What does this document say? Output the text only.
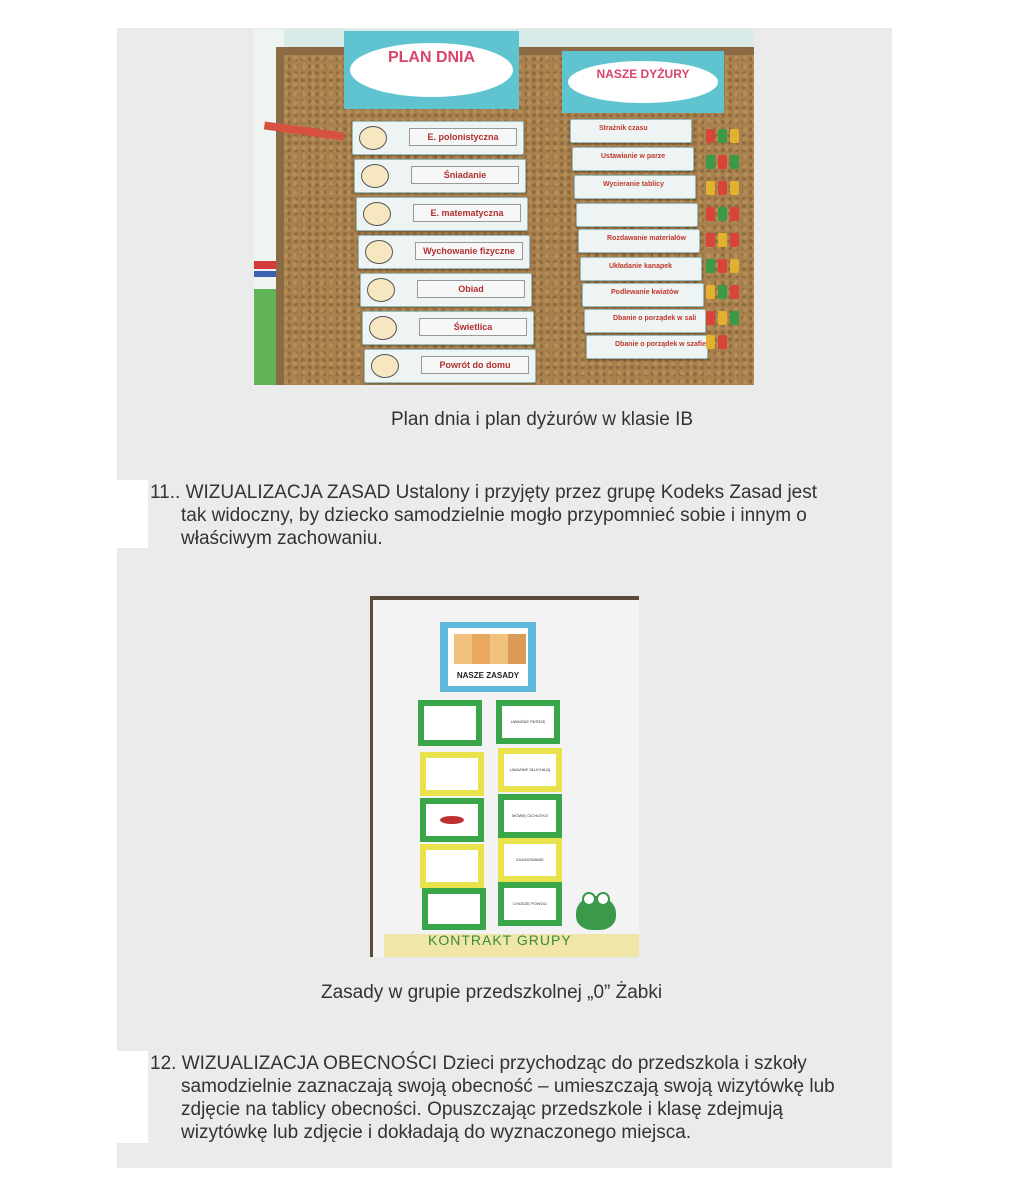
PLAN DNIA
NASZE DYŻURY
E. polonistyczna
Śniadanie
E. matematyczna
Wychowanie fizyczne
Obiad
Świetlica
Powrót do domu
Strażnik czasu
Ustawianie w parze
Wycieranie tablicy
Rozdawanie materiałów
Układanie kanapek
Podlewanie kwiatów
Dbanie o porządek w sali
Dbanie o porządek w szafie
Plan dnia i plan dyżurów w klasie IB
11.. WIZUALIZACJA ZASAD Ustalony i przyjęty przez grupę Kodeks Zasad jest
tak widoczny, by dziecko samodzielnie mogło przypomnieć sobie i innym o
właściwym zachowaniu.
NASZE ZASADY
UWAŻNIE PATRZĘ
UWAŻNIE SŁUCHAJĄ
MÓWIĘ CICHUTKO
ZAJ/MOWANIE
CHODZĘ POWOLI
KONTRAKT GRUPY
Zasady w grupie przedszkolnej „0” Żabki
12. WIZUALIZACJA OBECNOŚCI Dzieci przychodząc do przedszkola i szkoły
samodzielnie zaznaczają swoją obecność – umieszczają swoją wizytówkę lub
zdjęcie na tablicy obecności. Opuszczając przedszkole i klasę zdejmują
wizytówkę lub zdjęcie i dokładają do wyznaczonego miejsca.
